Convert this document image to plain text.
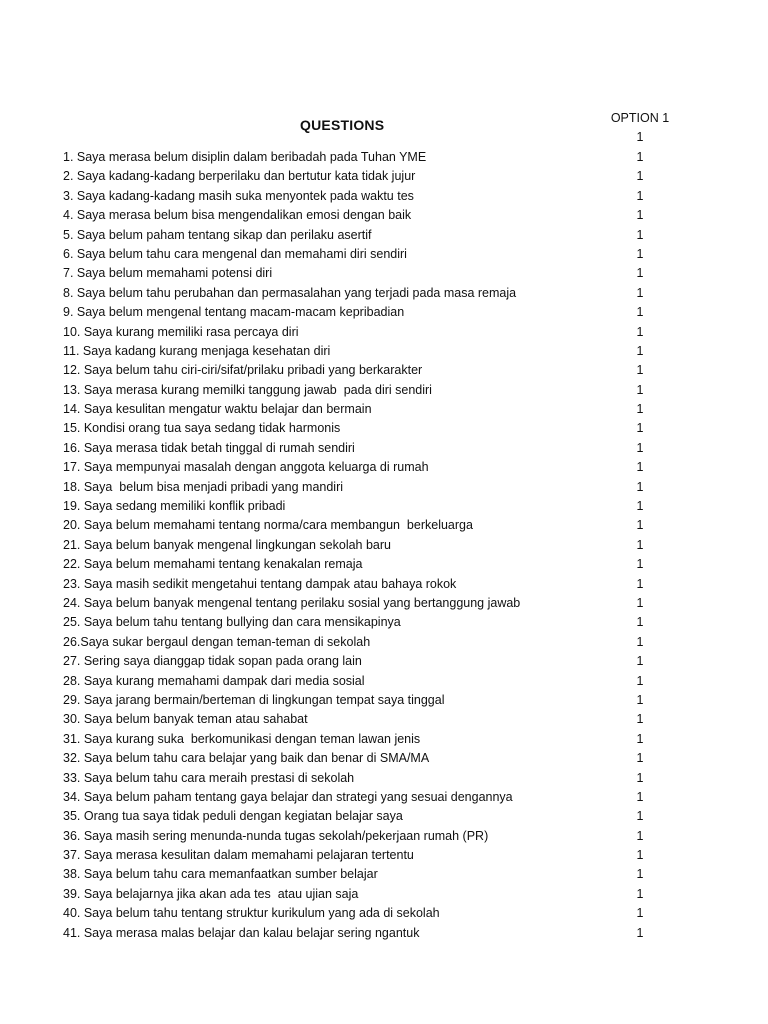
QUESTIONS	OPTION 1
1
1. Saya merasa belum disiplin dalam beribadah pada Tuhan YME	1
2. Saya kadang-kadang berperilaku dan bertutur kata tidak jujur	1
3. Saya kadang-kadang masih suka menyontek pada waktu tes	1
4. Saya merasa belum bisa mengendalikan emosi dengan baik	1
5. Saya belum paham tentang sikap dan perilaku asertif	1
6. Saya belum tahu cara mengenal dan memahami diri sendiri	1
7. Saya belum memahami potensi diri	1
8. Saya belum tahu perubahan dan permasalahan yang terjadi pada masa remaja	1
9. Saya belum mengenal tentang macam-macam kepribadian	1
10. Saya kurang memiliki rasa percaya diri	1
11. Saya kadang kurang menjaga kesehatan diri	1
12. Saya belum tahu ciri-ciri/sifat/prilaku pribadi yang berkarakter	1
13. Saya merasa kurang memilki tanggung jawab  pada diri sendiri	1
14. Saya kesulitan mengatur waktu belajar dan bermain	1
15. Kondisi orang tua saya sedang tidak harmonis	1
16. Saya merasa tidak betah tinggal di rumah sendiri	1
17. Saya mempunyai masalah dengan anggota keluarga di rumah	1
18. Saya  belum bisa menjadi pribadi yang mandiri	1
19. Saya sedang memiliki konflik pribadi	1
20. Saya belum memahami tentang norma/cara membangun  berkeluarga	1
21. Saya belum banyak mengenal lingkungan sekolah baru	1
22. Saya belum memahami tentang kenakalan remaja	1
23. Saya masih sedikit mengetahui tentang dampak atau bahaya rokok	1
24. Saya belum banyak mengenal tentang perilaku sosial yang bertanggung jawab	1
25. Saya belum tahu tentang bullying dan cara mensikapinya	1
26.Saya sukar bergaul dengan teman-teman di sekolah	1
27. Sering saya dianggap tidak sopan pada orang lain	1
28. Saya kurang memahami dampak dari media sosial	1
29. Saya jarang bermain/berteman di lingkungan tempat saya tinggal	1
30. Saya belum banyak teman atau sahabat	1
31. Saya kurang suka  berkomunikasi dengan teman lawan jenis	1
32. Saya belum tahu cara belajar yang baik dan benar di SMA/MA	1
33. Saya belum tahu cara meraih prestasi di sekolah	1
34. Saya belum paham tentang gaya belajar dan strategi yang sesuai dengannya	1
35. Orang tua saya tidak peduli dengan kegiatan belajar saya	1
36. Saya masih sering menunda-nunda tugas sekolah/pekerjaan rumah (PR)	1
37. Saya merasa kesulitan dalam memahami pelajaran tertentu	1
38. Saya belum tahu cara memanfaatkan sumber belajar	1
39. Saya belajarnya jika akan ada tes  atau ujian saja	1
40. Saya belum tahu tentang struktur kurikulum yang ada di sekolah	1
41. Saya merasa malas belajar dan kalau belajar sering ngantuk	1
